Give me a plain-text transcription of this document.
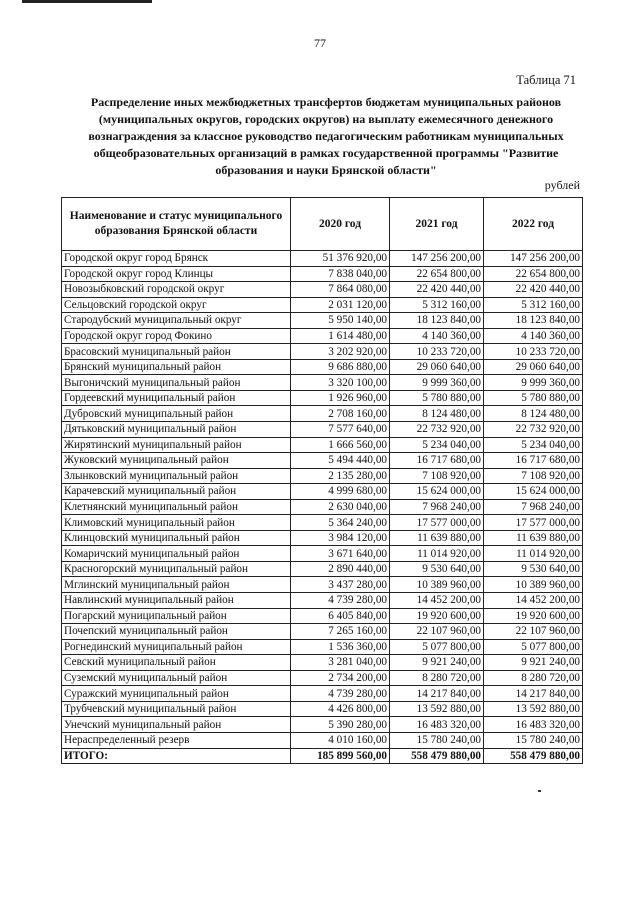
77
Таблица 71
Распределение иных межбюджетных трансфертов бюджетам муниципальных районов
(муниципальных округов, городских округов) на выплату ежемесячного денежного
вознаграждения за классное руководство педагогическим работникам муниципальных
общеобразовательных организаций в рамках государственной программы "Развитие
образования и науки Брянской области"
рублей
Наименование и статус муниципального образования Брянской области	2020 год	2021 год	2022 год
Городской округ город Брянск	51 376 920,00	147 256 200,00	147 256 200,00
Городской округ город Клинцы	7 838 040,00	22 654 800,00	22 654 800,00
Новозыбковский городской округ	7 864 080,00	22 420 440,00	22 420 440,00
Сельцовский городской округ	2 031 120,00	5 312 160,00	5 312 160,00
Стародубский муниципальный округ	5 950 140,00	18 123 840,00	18 123 840,00
Городской округ город Фокино	1 614 480,00	4 140 360,00	4 140 360,00
Брасовский муниципальный район	3 202 920,00	10 233 720,00	10 233 720,00
Брянский муниципальный район	9 686 880,00	29 060 640,00	29 060 640,00
Выгоничский муниципальный район	3 320 100,00	9 999 360,00	9 999 360,00
Гордеевский муниципальный район	1 926 960,00	5 780 880,00	5 780 880,00
Дубровский муниципальный район	2 708 160,00	8 124 480,00	8 124 480,00
Дятьковский муниципальный район	7 577 640,00	22 732 920,00	22 732 920,00
Жирятинский муниципальный район	1 666 560,00	5 234 040,00	5 234 040,00
Жуковский муниципальный район	5 494 440,00	16 717 680,00	16 717 680,00
Злынковский муниципальный район	2 135 280,00	7 108 920,00	7 108 920,00
Карачевский муниципальный район	4 999 680,00	15 624 000,00	15 624 000,00
Клетнянский муниципальный район	2 630 040,00	7 968 240,00	7 968 240,00
Климовский муниципальный район	5 364 240,00	17 577 000,00	17 577 000,00
Клинцовский муниципальный район	3 984 120,00	11 639 880,00	11 639 880,00
Комаричский муниципальный район	3 671 640,00	11 014 920,00	11 014 920,00
Красногорский муниципальный район	2 890 440,00	9 530 640,00	9 530 640,00
Мглинский муниципальный район	3 437 280,00	10 389 960,00	10 389 960,00
Навлинский муниципальный район	4 739 280,00	14 452 200,00	14 452 200,00
Погарский муниципальный район	6 405 840,00	19 920 600,00	19 920 600,00
Почепский муниципальный район	7 265 160,00	22 107 960,00	22 107 960,00
Рогнединский муниципальный район	1 536 360,00	5 077 800,00	5 077 800,00
Севский муниципальный район	3 281 040,00	9 921 240,00	9 921 240,00
Суземский муниципальный район	2 734 200,00	8 280 720,00	8 280 720,00
Суражский муниципальный район	4 739 280,00	14 217 840,00	14 217 840,00
Трубчевский муниципальный район	4 426 800,00	13 592 880,00	13 592 880,00
Унечский муниципальный район	5 390 280,00	16 483 320,00	16 483 320,00
Нераспределенный резерв	4 010 160,00	15 780 240,00	15 780 240,00
ИТОГО:	185 899 560,00	558 479 880,00	558 479 880,00
